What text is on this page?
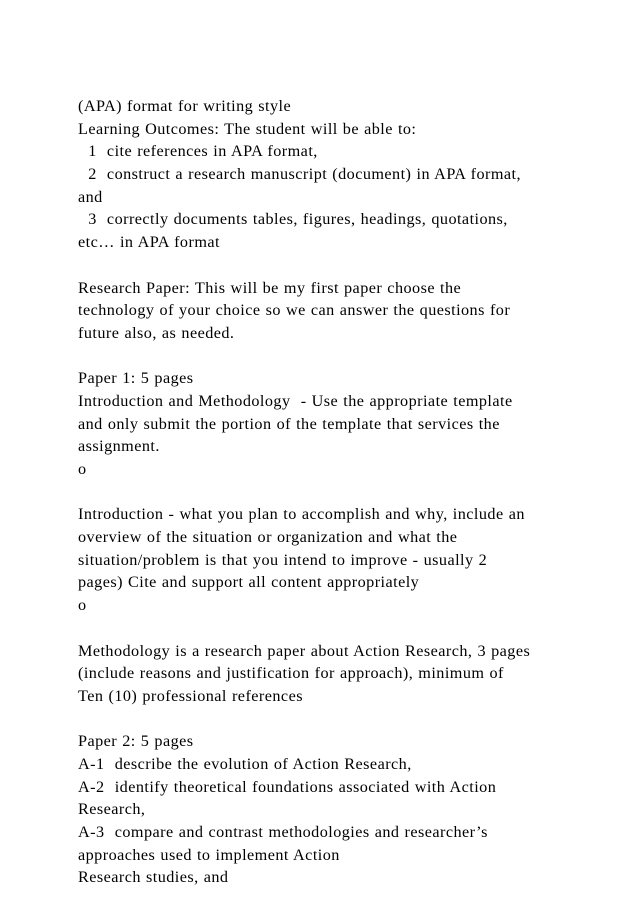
(APA) format for writing style
Learning Outcomes: The student will be able to:
1  cite references in APA format,
2  construct a research manuscript (document) in APA format,
and
3  correctly documents tables, figures, headings, quotations,
etc… in APA format
Research Paper: This will be my first paper choose the
technology of your choice so we can answer the questions for
future also, as needed.
Paper 1: 5 pages
Introduction and Methodology  - Use the appropriate template
and only submit the portion of the template that services the
assignment.
o
Introduction - what you plan to accomplish and why, include an
overview of the situation or organization and what the
situation/problem is that you intend to improve - usually 2
pages) Cite and support all content appropriately
o
Methodology is a research paper about Action Research, 3 pages
(include reasons and justification for approach), minimum of
Ten (10) professional references
Paper 2: 5 pages
A-1  describe the evolution of Action Research,
A-2  identify theoretical foundations associated with Action
Research,
A-3  compare and contrast methodologies and researcher’s
approaches used to implement Action
Research studies, and
